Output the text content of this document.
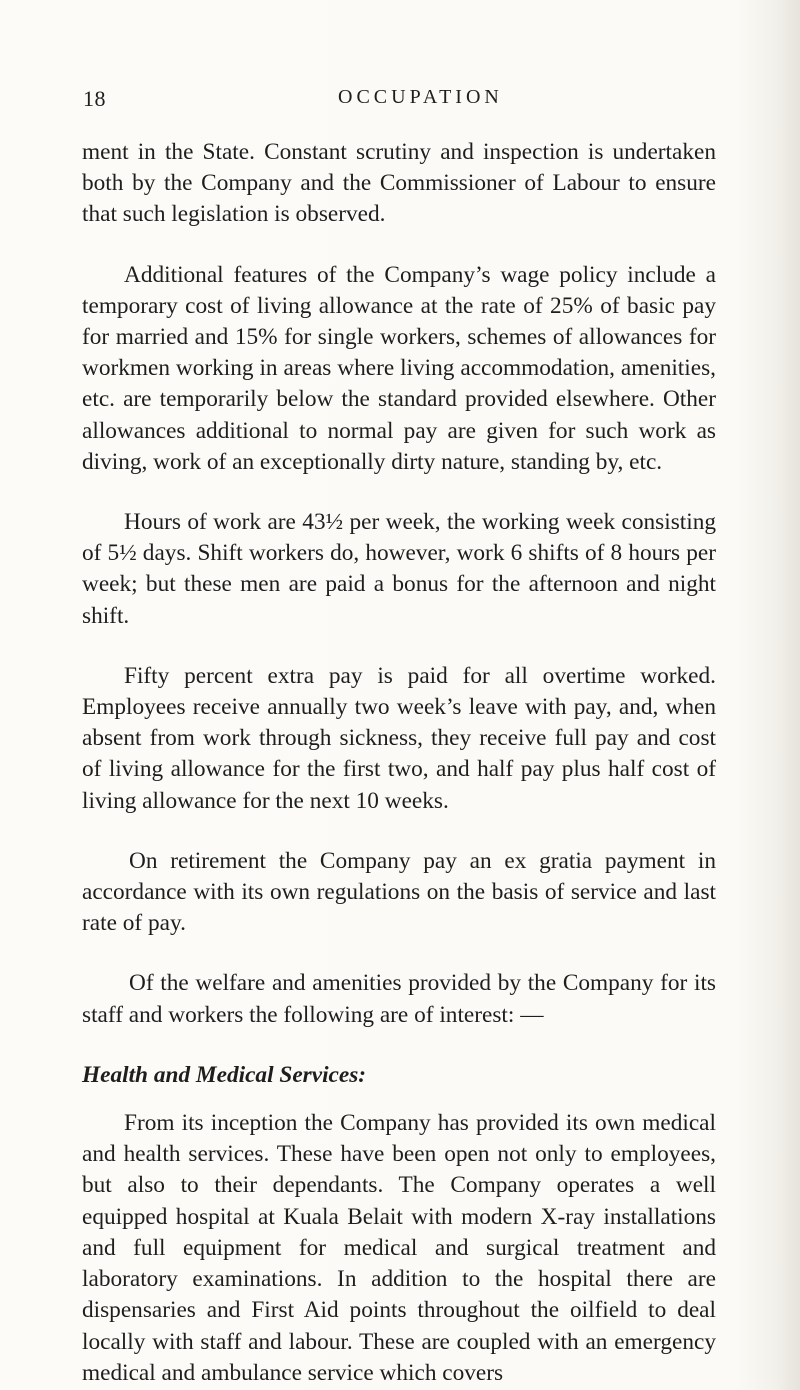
18	OCCUPATION

ment in the State. Constant scrutiny and inspection is undertaken both by the Company and the Commissioner of Labour to ensure that such legislation is observed.

Additional features of the Company’s wage policy include a temporary cost of living allowance at the rate of 25% of basic pay for married and 15% for single workers, schemes of allowances for workmen working in areas where living accommodation, amenities, etc. are temporarily below the standard provided elsewhere. Other allowances additional to normal pay are given for such work as diving, work of an exceptionally dirty nature, standing by, etc.

Hours of work are 43½ per week, the working week consisting of 5½ days. Shift workers do, however, work 6 shifts of 8 hours per week; but these men are paid a bonus for the afternoon and night shift.

Fifty percent extra pay is paid for all overtime worked. Employees receive annually two week’s leave with pay, and, when absent from work through sickness, they receive full pay and cost of living allowance for the first two, and half pay plus half cost of living allowance for the next 10 weeks.

On retirement the Company pay an ex gratia payment in accordance with its own regulations on the basis of service and last rate of pay.

Of the welfare and amenities provided by the Company for its staff and workers the following are of interest: —

Health and Medical Services:

From its inception the Company has provided its own medical and health services. These have been open not only to employees, but also to their dependants. The Company operates a well equipped hospital at Kuala Belait with modern X-ray installations and full equipment for medical and surgical treatment and laboratory examinations. In addition to the hospital there are dispensaries and First Aid points throughout the oilfield to deal locally with staff and labour. These are coupled with an emergency medical and ambulance service which covers
